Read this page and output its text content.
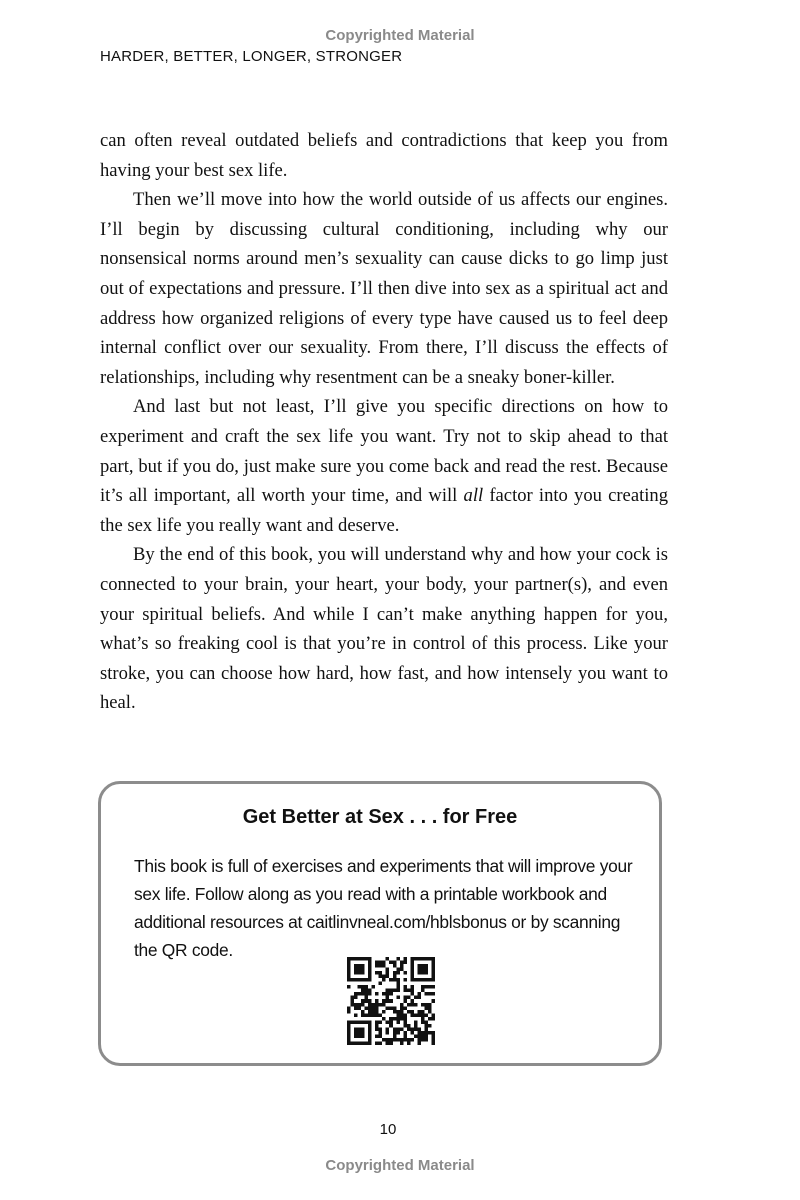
Copyrighted Material
HARDER, BETTER, LONGER, STRONGER

can often reveal outdated beliefs and contradictions that keep you from having your best sex life.

Then we’ll move into how the world outside of us affects our engines. I’ll begin by discussing cultural conditioning, including why our nonsensical norms around men’s sexuality can cause dicks to go limp just out of expectations and pressure. I’ll then dive into sex as a spiritual act and address how organized religions of every type have caused us to feel deep internal conflict over our sexuality. From there, I’ll discuss the effects of relationships, including why resentment can be a sneaky boner-killer.

And last but not least, I’ll give you specific directions on how to experiment and craft the sex life you want. Try not to skip ahead to that part, but if you do, just make sure you come back and read the rest. Because it’s all important, all worth your time, and will all factor into you creating the sex life you really want and deserve.

By the end of this book, you will understand why and how your cock is connected to your brain, your heart, your body, your partner(s), and even your spiritual beliefs. And while I can’t make anything happen for you, what’s so freaking cool is that you’re in control of this process. Like your stroke, you can choose how hard, how fast, and how intensely you want to heal.

Get Better at Sex . . . for Free
This book is full of exercises and experiments that will improve your sex life. Follow along as you read with a printable workbook and additional resources at caitlinvneal.com/hblsbonus or by scanning the QR code.
10
Copyrighted Material
